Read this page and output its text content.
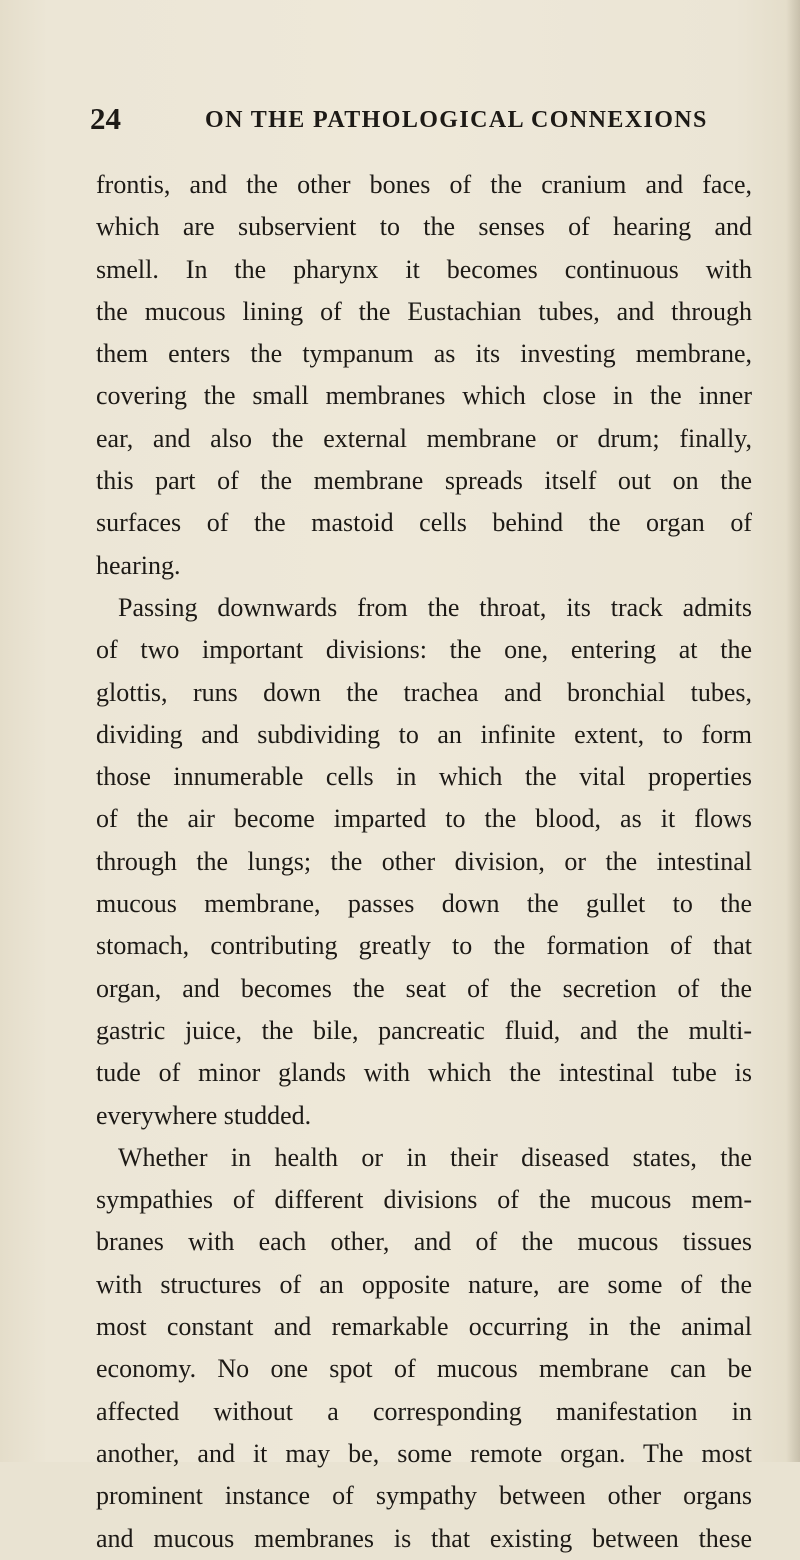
24	ON THE PATHOLOGICAL CONNEXIONS
frontis, and the other bones of the cranium and face,
which are subservient to the senses of hearing and
smell. In the pharynx it becomes continuous with
the mucous lining of the Eustachian tubes, and through
them enters the tympanum as its investing membrane,
covering the small membranes which close in the inner
ear, and also the external membrane or drum; finally,
this part of the membrane spreads itself out on the
surfaces of the mastoid cells behind the organ of
hearing.
Passing downwards from the throat, its track admits
of two important divisions: the one, entering at the
glottis, runs down the trachea and bronchial tubes,
dividing and subdividing to an infinite extent, to form
those innumerable cells in which the vital properties
of the air become imparted to the blood, as it flows
through the lungs; the other division, or the intestinal
mucous membrane, passes down the gullet to the
stomach, contributing greatly to the formation of that
organ, and becomes the seat of the secretion of the
gastric juice, the bile, pancreatic fluid, and the multi-
tude of minor glands with which the intestinal tube is
everywhere studded.
Whether in health or in their diseased states, the
sympathies of different divisions of the mucous mem-
branes with each other, and of the mucous tissues
with structures of an opposite nature, are some of the
most constant and remarkable occurring in the animal
economy. No one spot of mucous membrane can be
affected without a corresponding manifestation in
another, and it may be, some remote organ. The most
prominent instance of sympathy between other organs
and mucous membranes is that existing between these
